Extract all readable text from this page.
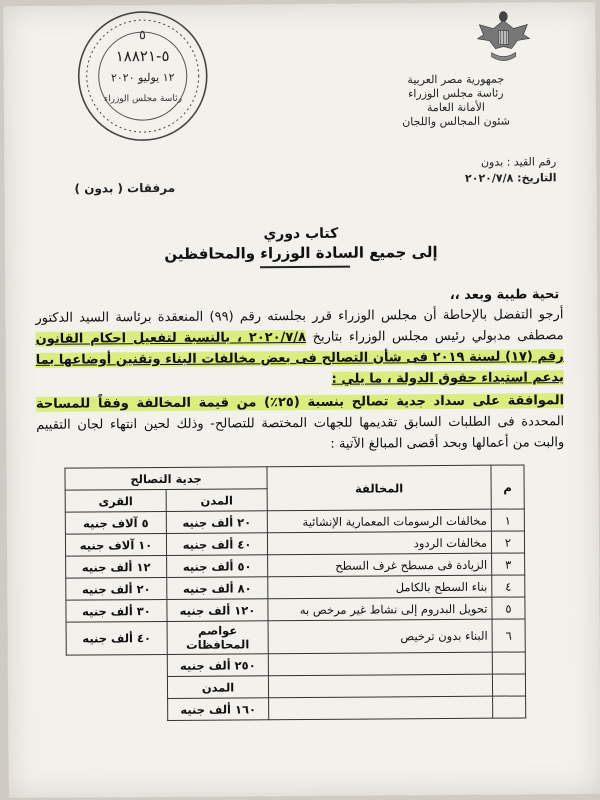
جمهورية مصر العربية
رئاسة مجلس الوزراء
الأمانة العامة
شئون المجالس واللجان
رقم القيد : بدون
التاريخ: ٢٠٢٠/٧/٨
٥
٥-١٨٨٢١
١٢ يوليو ٢٠٢٠
رئاسة مجلس الوزراء
مرفقات ( بدون )
كتاب دوري
إلى جميع السادة الوزراء والمحافظين
تحية طيبة وبعد ،،
أرجو التفضل بالإحاطة أن مجلس الوزراء قرر بجلسته رقم (٩٩) المنعقدة برئاسة السيد الدكتور مصطفى مدبولي رئيس مجلس الوزراء بتاريخ ٢٠٢٠/٧/٨ ، بالنسبة لتفعيل احكام القانون رقم (١٧) لسنة ٢٠١٩ فى شأن التصالح فى بعض مخالفات البناء وتقنين أوضاعها بما يدعم استيداء حقوق الدولة ، ما يلي :
الموافقة على سداد جدية تصالح بنسبة (٢٥٪) من قيمة المخالفة وفقاً للمساحة المحددة فى الطلبات السابق تقديمها للجهات المختصة للتصالح- وذلك لحين انتهاء لجان التقييم والبت من أعمالها وبحد أقصى المبالغ الآتية :
م	المخالفة	جدية التصالح	
		المدن	القرى
١	مخالفات الرسومات المعمارية الإنشائية	٢٠ ألف جنيه	٥ آلاف جنيه
٢	مخالفات الردود	٤٠ ألف جنيه	١٠ آلاف جنيه
٣	الزيادة فى مسطح غرف السطح	٥٠ ألف جنيه	١٢ ألف جنيه
٤	بناء السطح بالكامل	٨٠ ألف جنيه	٢٠ ألف جنيه
٥	تحويل البدروم إلى نشاط غير مرخص به	١٢٠ ألف جنيه	٣٠ ألف جنيه
٦	البناء بدون ترخيص	عواصم المحافظات	٤٠ ألف جنيه
		٢٥٠ ألف جنيه	
		المدن	
		١٦٠ ألف جنيه	
